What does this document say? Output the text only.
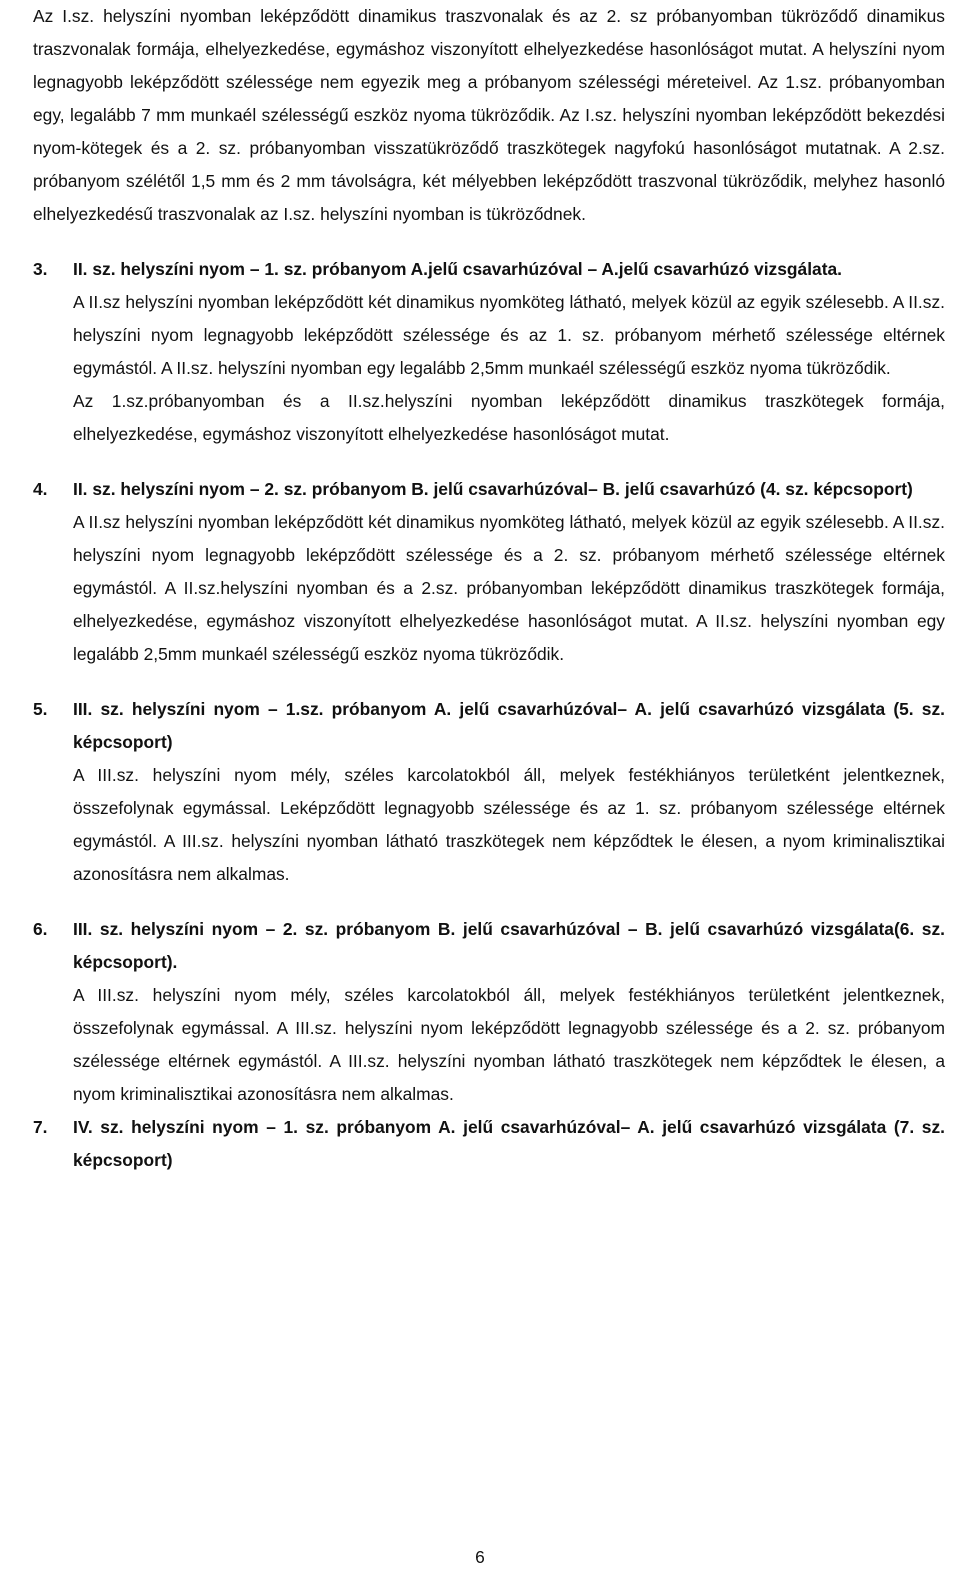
Az I.sz. helyszíni nyomban leképződött dinamikus traszvonalak és az 2. sz próbanyomban tükröződő dinamikus traszvonalak formája, elhelyezkedése, egymáshoz viszonyított elhelyezkedése hasonlóságot mutat. A helyszíni nyom legnagyobb leképződött szélessége nem egyezik meg a próbanyom szélességi méreteivel. Az 1.sz. próbanyomban egy, legalább 7 mm munkaél szélességű eszköz nyoma tükröződik. Az I.sz. helyszíni nyomban leképződött bekezdési nyom-kötegek és a 2. sz. próbanyomban visszatükröződő traszkötegek nagyfokú hasonlóságot mutatnak. A 2.sz. próbanyom szélétől 1,5 mm és 2 mm távolságra, két mélyebben leképződött traszvonal tükröződik, melyhez hasonló elhelyezkedésű traszvonalak az I.sz. helyszíni nyomban is tükröződnek.

3.	II. sz. helyszíni nyom – 1. sz. próbanyom A.jelű csavarhúzóval – A.jelű csavarhúzó vizsgálata.

A II.sz helyszíni nyomban leképződött két dinamikus nyomköteg látható, melyek közül az egyik szélesebb. A II.sz. helyszíni nyom legnagyobb leképződött szélessége és az 1. sz. próbanyom mérhető szélessége eltérnek egymástól. A II.sz. helyszíni nyomban egy legalább 2,5mm munkaél szélességű eszköz nyoma tükröződik.

Az 1.sz.próbanyomban és a II.sz.helyszíni nyomban leképződött dinamikus traszkötegek formája, elhelyezkedése, egymáshoz viszonyított elhelyezkedése hasonlóságot mutat.

4.	II. sz. helyszíni nyom – 2. sz. próbanyom B. jelű csavarhúzóval– B. jelű csavarhúzó (4. sz. képcsoport)

A II.sz helyszíni nyomban leképződött két dinamikus nyomköteg látható, melyek közül az egyik szélesebb. A II.sz. helyszíni nyom legnagyobb leképződött szélessége és a 2. sz. próbanyom mérhető szélessége eltérnek egymástól. A II.sz.helyszíni nyomban és a 2.sz. próbanyomban leképződött dinamikus traszkötegek formája, elhelyezkedése, egymáshoz viszonyított elhelyezkedése hasonlóságot mutat. A II.sz. helyszíni nyomban egy legalább 2,5mm munkaél szélességű eszköz nyoma tükröződik.

5.	III. sz. helyszíni nyom – 1.sz. próbanyom A. jelű csavarhúzóval– A. jelű csavarhúzó vizsgálata (5. sz. képcsoport)

A III.sz. helyszíni nyom mély, széles karcolatokból áll, melyek festékhiányos területként jelentkeznek, összefolynak egymással. Leképződött legnagyobb szélessége és az 1. sz. próbanyom szélessége eltérnek egymástól. A III.sz. helyszíni nyomban látható traszkötegek nem képződtek le élesen, a nyom kriminalisztikai azonosításra nem alkalmas.

6.	III. sz. helyszíni nyom – 2. sz. próbanyom B. jelű csavarhúzóval – B. jelű csavarhúzó vizsgálata(6. sz. képcsoport).

A III.sz. helyszíni nyom mély, széles karcolatokból áll, melyek festékhiányos területként jelentkeznek, összefolynak egymással. A III.sz. helyszíni nyom leképződött legnagyobb szélessége és a 2. sz. próbanyom szélessége eltérnek egymástól. A III.sz. helyszíni nyomban látható traszkötegek nem képződtek le élesen, a nyom kriminalisztikai azonosításra nem alkalmas.

7.	IV. sz. helyszíni nyom – 1. sz. próbanyom A. jelű csavarhúzóval– A. jelű csavarhúzó vizsgálata (7. sz. képcsoport)
6
